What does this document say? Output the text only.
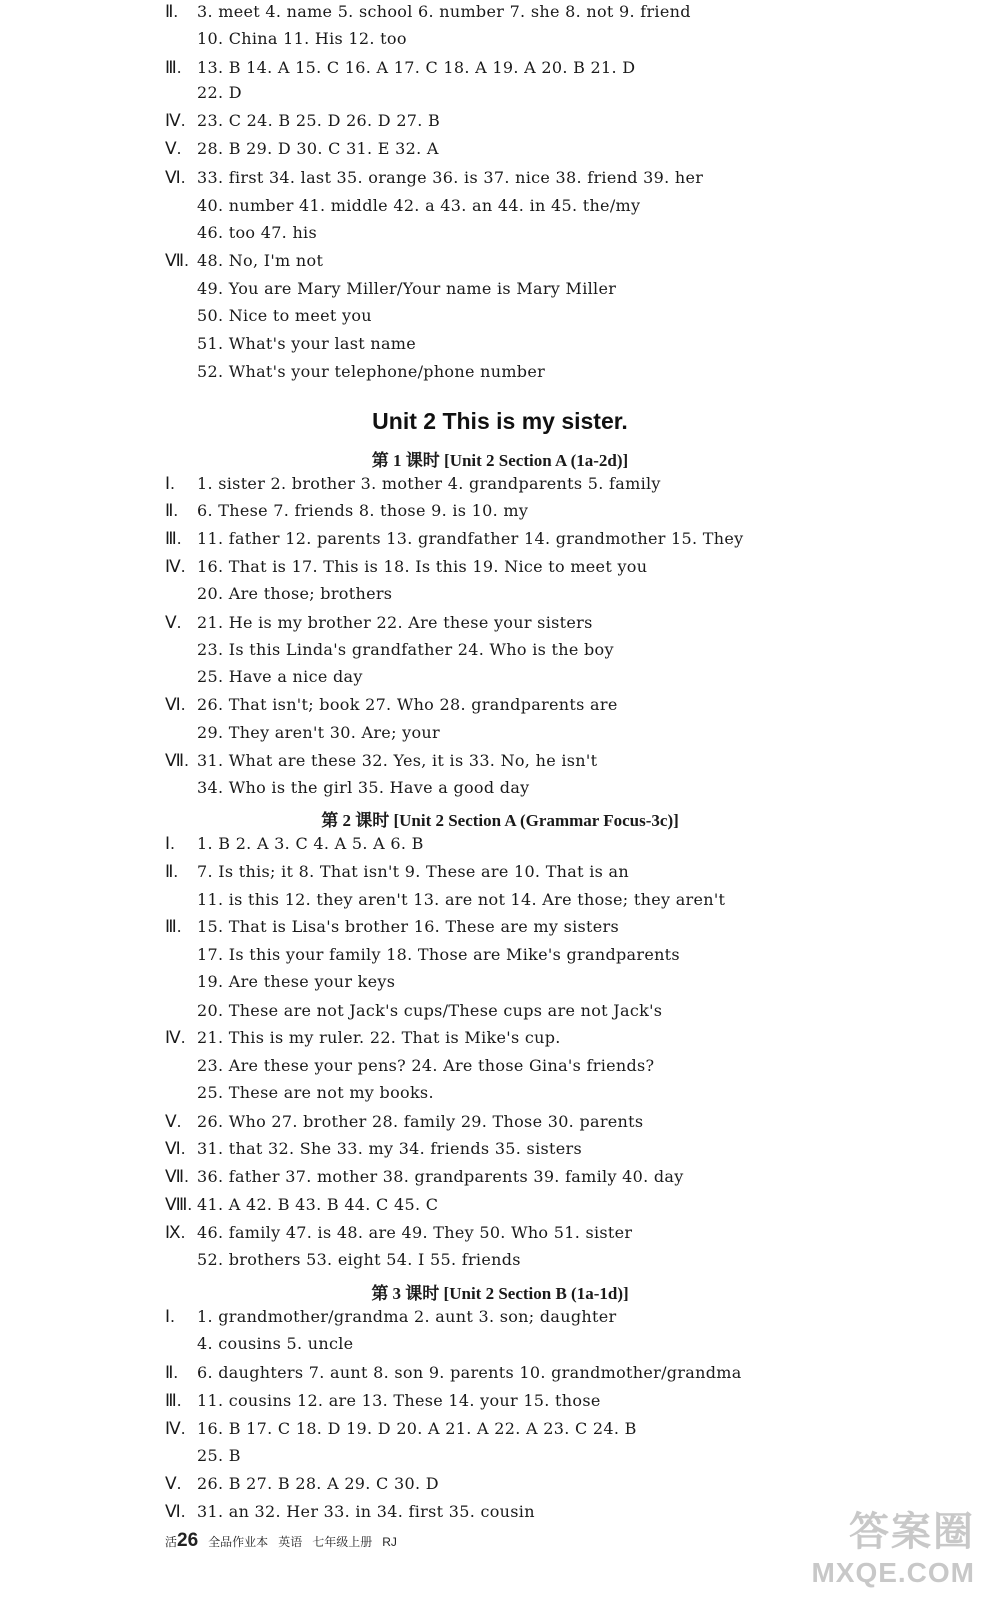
Ⅱ.	3. meet 4. name 5. school 6. number 7. she 8. not 9. friend
10. China 11. His 12. too
Ⅲ. 13. B 14. A 15. C 16. A 17. C 18. A 19. A 20. B 21. D
22. D
Ⅳ. 23. C 24. B 25. D 26. D 27. B
Ⅴ. 28. B 29. D 30. C 31. E 32. A
Ⅵ. 33. first 34. last 35. orange 36. is 37. nice 38. friend 39. her
40. number 41. middle 42. a 43. an 44. in 45. the/my
46. too 47. his
Ⅶ. 48. No, I'm not
49. You are Mary Miller/Your name is Mary Miller
50. Nice to meet you
51. What's your last name
52. What's your telephone/phone number
Unit 2 This is my sister.
第 1 课时 [Unit 2 Section A (1a-2d)]
Ⅰ.	1. sister 2. brother 3. mother 4. grandparents 5. family
Ⅱ.	6. These 7. friends 8. those 9. is 10. my
Ⅲ. 11. father 12. parents 13. grandfather 14. grandmother 15. They
Ⅳ. 16. That is 17. This is 18. Is this 19. Nice to meet you
20. Are those; brothers
Ⅴ. 21. He is my brother 22. Are these your sisters
23. Is this Linda's grandfather 24. Who is the boy
25. Have a nice day
Ⅵ. 26. That isn't; book 27. Who 28. grandparents are
29. They aren't 30. Are; your
Ⅶ. 31. What are these 32. Yes, it is 33. No, he isn't
34. Who is the girl 35. Have a good day
第 2 课时 [Unit 2 Section A (Grammar Focus-3c)]
Ⅰ.	1. B 2. A 3. C 4. A 5. A 6. B
Ⅱ.	7. Is this; it 8. That isn't 9. These are 10. That is an
11. is this 12. they aren't 13. are not 14. Are those; they aren't
Ⅲ. 15. That is Lisa's brother 16. These are my sisters
17. Is this your family 18. Those are Mike's grandparents
19. Are these your keys
20. These are not Jack's cups/These cups are not Jack's
Ⅳ. 21. This is my ruler. 22. That is Mike's cup.
23. Are these your pens? 24. Are those Gina's friends?
25. These are not my books.
Ⅴ. 26. Who 27. brother 28. family 29. Those 30. parents
Ⅵ. 31. that 32. She 33. my 34. friends 35. sisters
Ⅶ. 36. father 37. mother 38. grandparents 39. family 40. day
Ⅷ. 41. A 42. B 43. B 44. C 45. C
Ⅸ. 46. family 47. is 48. are 49. They 50. Who 51. sister
52. brothers 53. eight 54. I 55. friends
第 3 课时 [Unit 2 Section B (1a-1d)]
Ⅰ.	1. grandmother/grandma 2. aunt 3. son; daughter
4. cousins 5. uncle
Ⅱ.	6. daughters 7. aunt 8. son 9. parents 10. grandmother/grandma
Ⅲ. 11. cousins 12. are 13. These 14. your 15. those
Ⅳ. 16. B 17. C 18. D 19. D 20. A 21. A 22. A 23. C 24. B
25. B
Ⅴ. 26. B 27. B 28. A 29. C 30. D
Ⅵ. 31. an 32. Her 33. in 34. first 35. cousin
活26 全品作业本 英语 七年级上册 RJ	答案圈
MXQE.COM
